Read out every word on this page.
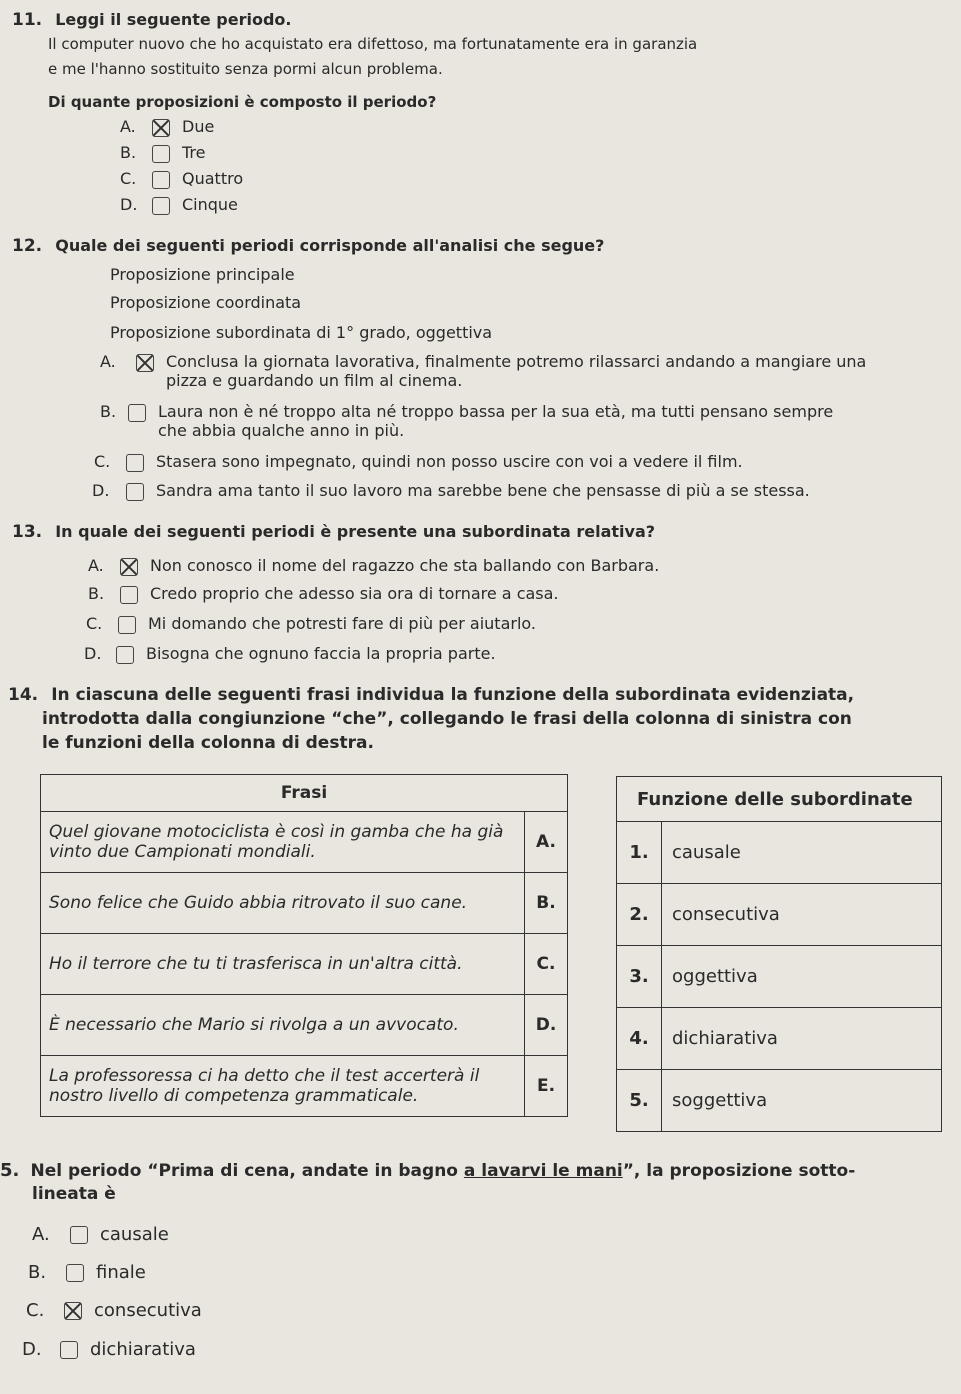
11. Leggi il seguente periodo.
Il computer nuovo che ho acquistato era difettoso, ma fortunatamente era in garanzia
e me l'hanno sostituito senza pormi alcun problema.
Di quante proposizioni è composto il periodo?
A.	Due
B.	Tre
C.	Quattro
D.	Cinque
12. Quale dei seguenti periodi corrisponde all'analisi che segue?
Proposizione principale
Proposizione coordinata
Proposizione subordinata di 1° grado, oggettiva
A.	Conclusa la giornata lavorativa, finalmente potremo rilassarci andando a mangiare una pizza e guardando un film al cinema.
B.	Laura non è né troppo alta né troppo bassa per la sua età, ma tutti pensano sempre che abbia qualche anno in più.
C.	Stasera sono impegnato, quindi non posso uscire con voi a vedere il film.
D.	Sandra ama tanto il suo lavoro ma sarebbe bene che pensasse di più a se stessa.
13. In quale dei seguenti periodi è presente una subordinata relativa?
A.	Non conosco il nome del ragazzo che sta ballando con Barbara.
B.	Credo proprio che adesso sia ora di tornare a casa.
C.	Mi domando che potresti fare di più per aiutarlo.
D.	Bisogna che ognuno faccia la propria parte.
14. In ciascuna delle seguenti frasi individua la funzione della subordinata evidenziata,
introdotta dalla congiunzione “che”, collegando le frasi della colonna di sinistra con
le funzioni della colonna di destra.
Frasi	
Quel giovane motociclista è così in gamba che ha già vinto due Campionati mondiali.	A.
Sono felice che Guido abbia ritrovato il suo cane.	B.
Ho il terrore che tu ti trasferisca in un'altra città.	C.
È necessario che Mario si rivolga a un avvocato.	D.
La professoressa ci ha detto che il test accerterà il nostro livello di competenza grammaticale.	E.
Funzione delle subordinate	
1.	causale
2.	consecutiva
3.	oggettiva
4.	dichiarativa
5.	soggettiva
5. Nel periodo “Prima di cena, andate in bagno a lavarvi le mani”, la proposizione sotto-
lineata è
A.	causale
B.	finale
C.	consecutiva
D.	dichiarativa
